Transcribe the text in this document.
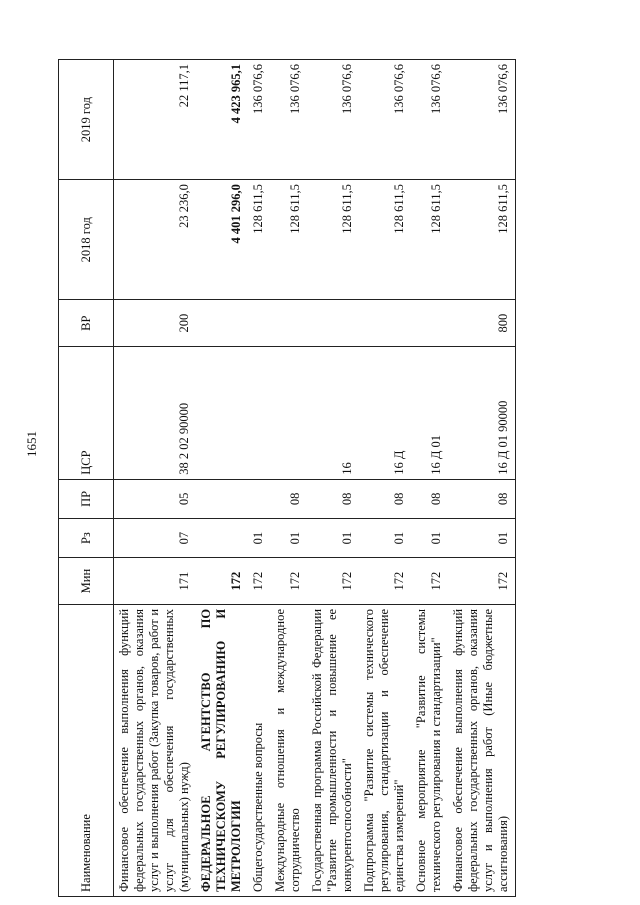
1651
Наименование	Мин	Рз	ПР	ЦСР	ВР	2018 год	2019 год
Финансовое обеспечение выполнения функций федеральных государственных органов, оказания услуг и выполнения работ (Закупка товаров, работ и услуг для обеспечения государственных (муниципальных) нужд)	171	07	05	38 2 02 90000	200	23 236,0	22 117,1
ФЕДЕРАЛЬНОЕ АГЕНТСТВО ПО ТЕХНИЧЕСКОМУ РЕГУЛИРОВАНИЮ И МЕТРОЛОГИИ	172					4 401 296,0	4 423 965,1
Общегосударственные вопросы	172	01				128 611,5	136 076,6
Международные отношения и международное сотрудничество	172	01	08			128 611,5	136 076,6
Государственная программа Российской Федерации "Развитие промышленности и повышение ее конкурентоспособности"	172	01	08	16		128 611,5	136 076,6
Подпрограмма "Развитие системы технического регулирования, стандартизации и обеспечение единства измерений"	172	01	08	16 Д		128 611,5	136 076,6
Основное мероприятие "Развитие системы технического регулирования и стандартизации"	172	01	08	16 Д 01		128 611,5	136 076,6
Финансовое обеспечение выполнения функций федеральных государственных органов, оказания услуг и выполнения работ (Иные бюджетные ассигнования)	172	01	08	16 Д 01 90000	800	128 611,5	136 076,6
